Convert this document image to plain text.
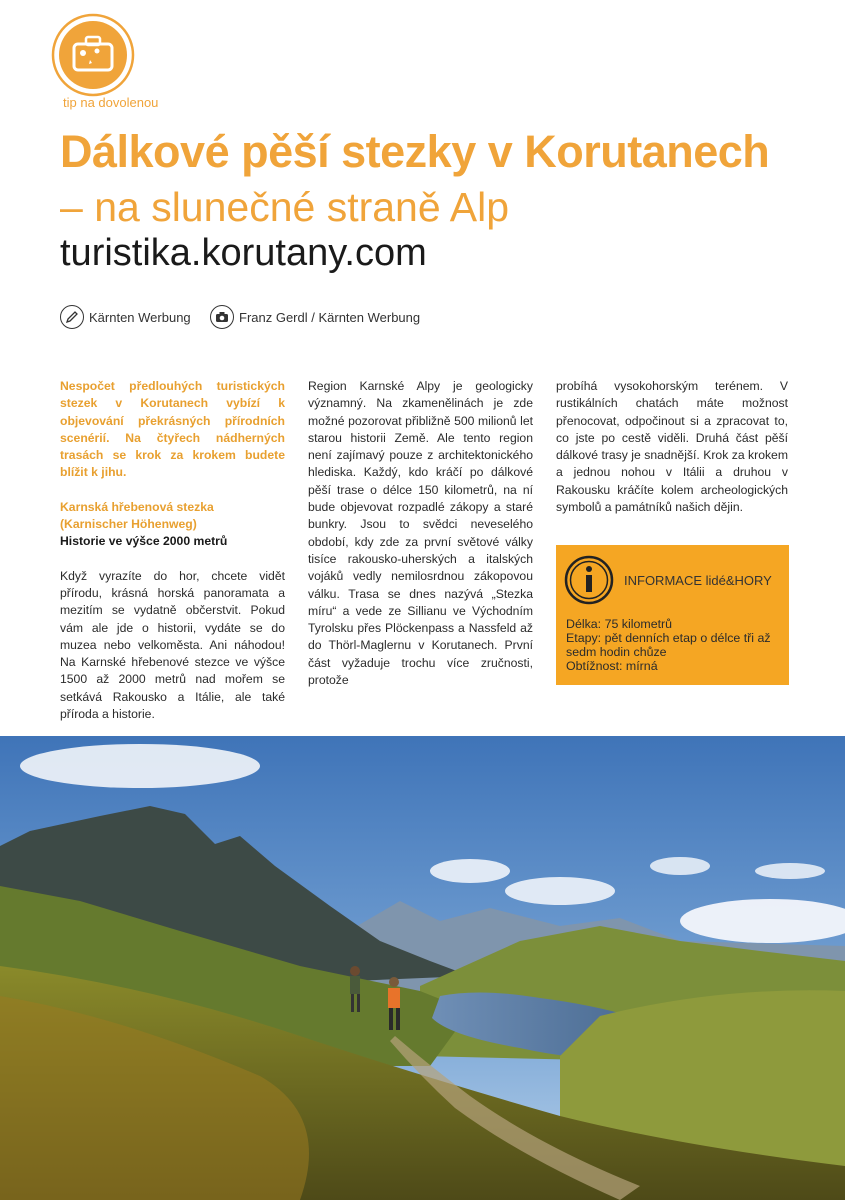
tip na dovolenou
Dálkové pěší stezky v Korutanech
– na slunečné straně Alp
turistika.korutany.com
Kärnten Werbung	Franz Gerdl / Kärnten Werbung

Nespočet předlouhých turistických stezek v Korutanech vybízí k objevování překrásných přírodních scenérií. Na čtyřech nádherných trasách se krok za krokem budete blížit k jihu.

Karnská hřebenová stezka

(Karnischer Höhenweg)

Historie ve výšce 2000 metrů

Když vyrazíte do hor, chcete vidět přírodu, krásná horská panoramata a mezitím se vydatně občerstvit. Pokud vám ale jde o historii, vydáte se do muzea nebo velkoměsta. Ani náhodou! Na Karnské hřebenové stezce ve výšce 1500 až 2000 metrů nad mořem se setkává Rakousko a Itálie, ale také příroda a historie.

Region Karnské Alpy je geologicky významný. Na zkamenělinách je zde možné pozorovat přibližně 500 milionů let starou historii Země. Ale tento region není zajímavý pouze z architektonického hlediska. Každý, kdo kráčí po dálkové pěší trase o délce 150 kilometrů, na ní bude objevovat rozpadlé zákopy a staré bunkry. Jsou to svědci neveselého období, kdy zde za první světové války tisíce rakousko-uherských a italských vojáků vedly nemilosrdnou zákopovou válku. Trasa se dnes nazývá „Stezka míru“ a vede ze Sillianu ve Východním Tyrolsku přes Plöckenpass a Nassfeld až do Thörl-Maglernu v Korutanech. První část vyžaduje trochu více zručnosti, protože

probíhá vysokohorským terénem. V rustikálních chatách máte možnost přenocovat, odpočinout si a zpracovat to, co jste po cestě viděli. Druhá část pěší dálkové trasy je snadnější. Krok za krokem a jednou nohou v Itálii a druhou v Rakousku kráčíte kolem archeologických symbolů a památníků našich dějin.

INFORMACE lidé&HORY
Délka: 75 kilometrů
Etapy: pět denních etap o délce tři až sedm hodin chůze
Obtížnost: mírná
